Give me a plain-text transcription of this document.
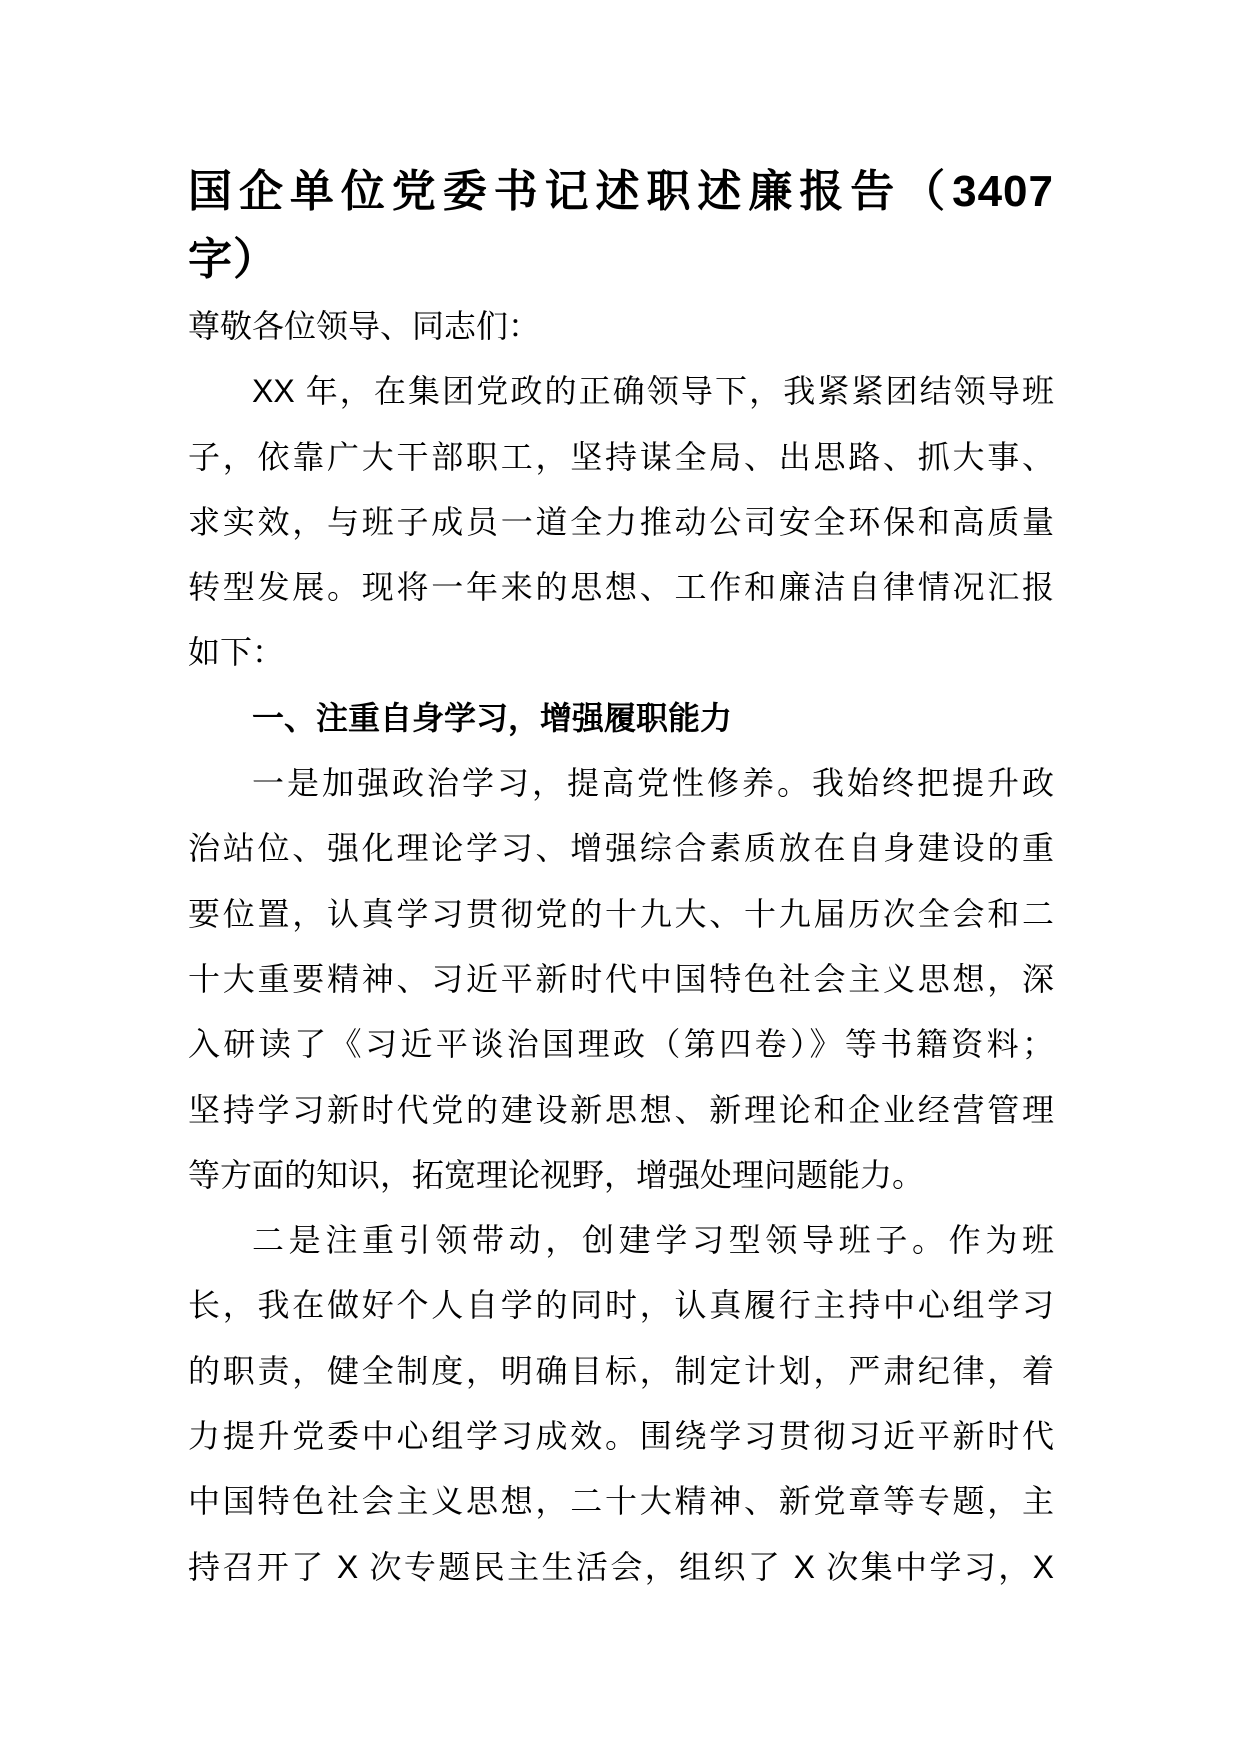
国企单位党委书记述职述廉报告（3407
字）
尊敬各位领导、同志们：
XX 年，在集团党政的正确领导下，我紧紧团结领导班
子，依靠广大干部职工，坚持谋全局、出思路、抓大事、
求实效，与班子成员一道全力推动公司安全环保和高质量
转型发展。现将一年来的思想、工作和廉洁自律情况汇报
如下：
一、注重自身学习，增强履职能力
一是加强政治学习，提高党性修养。我始终把提升政
治站位、强化理论学习、增强综合素质放在自身建设的重
要位置，认真学习贯彻党的十九大、十九届历次全会和二
十大重要精神、习近平新时代中国特色社会主义思想，深
入研读了《习近平谈治国理政（第四卷）》等书籍资料；
坚持学习新时代党的建设新思想、新理论和企业经营管理
等方面的知识，拓宽理论视野，增强处理问题能力。
二是注重引领带动，创建学习型领导班子。作为班
长，我在做好个人自学的同时，认真履行主持中心组学习
的职责，健全制度，明确目标，制定计划，严肃纪律，着
力提升党委中心组学习成效。围绕学习贯彻习近平新时代
中国特色社会主义思想，二十大精神、新党章等专题，主
持召开了 X 次专题民主生活会，组织了 X 次集中学习，X
